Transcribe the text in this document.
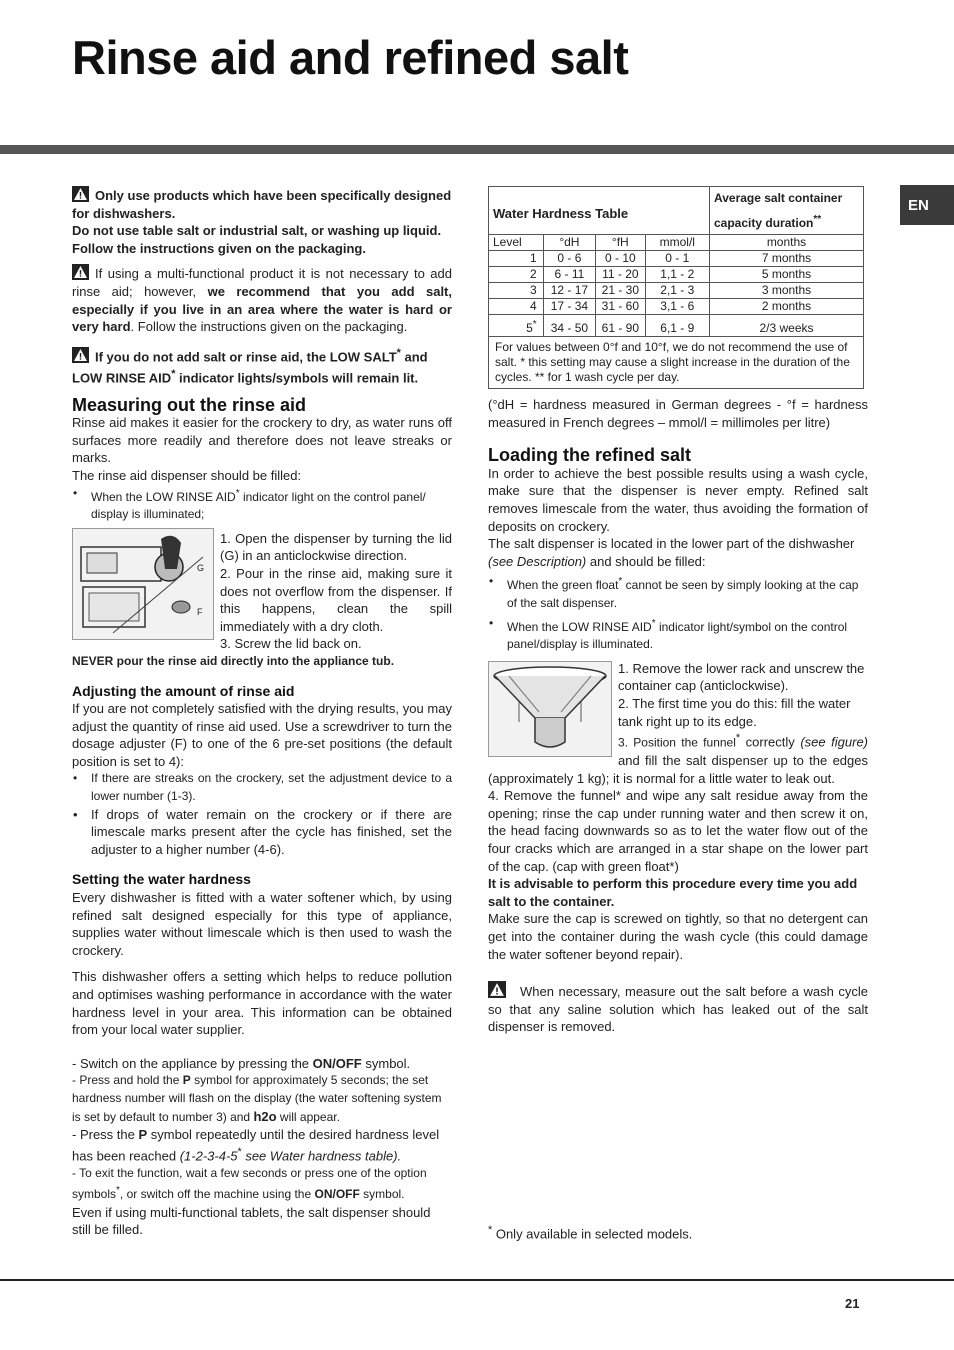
Rinse aid and refined salt
EN

Only use products which have been specifically designed for dishwashers.
Do not use table salt or industrial salt, or washing up liquid. Follow the instructions given on the packaging.

If using a multi-functional product it is not necessary to add rinse aid; however, we recommend that you add salt, especially if you live in an area where the water is hard or very hard. Follow the instructions given on the packaging.

If you do not add salt or rinse aid, the LOW SALT* and LOW RINSE AID* indicator lights/symbols will remain lit.

Measuring out the rinse aid

Rinse aid makes it easier for the crockery to dry, as water runs off surfaces more readily and therefore does not leave streaks or marks.

The rinse aid dispenser should be filled:

• When the LOW RINSE AID* indicator light on the control panel/ display is illuminated;

G
F

1. Open the dispenser by turning the lid (G) in an anticlockwise direction.

2. Pour in the rinse aid, making sure it does not overflow from the dispenser. If this happens, clean the spill immediately with a dry cloth.

3. Screw the lid back on.

NEVER pour the rinse aid directly into the appliance tub.

Adjusting the amount of rinse aid

If you are not completely satisfied with the drying results, you may adjust the quantity of rinse aid used. Use a screwdriver to turn the dosage adjuster (F) to one of the 6 pre-set positions (the default position is set to 4):

• If there are streaks on the crockery, set the adjustment device to a lower number (1-3).

• If drops of water remain on the crockery or if there are limescale marks present after the cycle has finished, set the adjuster to a higher number (4-6).

Setting the water hardness

Every dishwasher is fitted with a water softener which, by using refined salt designed especially for this type of appliance, supplies water without limescale which is then used to wash the crockery.

This dishwasher offers a setting which helps to reduce pollution and optimises washing performance in accordance with the water hardness level in your area. This information can be obtained from your local water supplier.

- Switch on the appliance by pressing the ON/OFF symbol.

- Press and hold the P symbol for approximately 5 seconds; the set hardness number will flash on the display (the water softening system is set by default to number 3) and h2o will appear.

- Press the P symbol repeatedly until the desired hardness level has been reached (1-2-3-4-5* see Water hardness table).

- To exit the function, wait a few seconds or press one of the option symbols*, or switch off the machine using the ON/OFF symbol.

Even if using multi-functional tablets, the salt dispenser should still be filled.

Water Hardness Table				Average salt container capacity duration**
Level	°dH	°fH	mmol/l	months
1	0 - 6	0 - 10	0 - 1	7 months
2	6 - 11	11 - 20	1,1 - 2	5 months
3	12 - 17	21 - 30	2,1 - 3	3 months
4	17 - 34	31 - 60	3,1 - 6	2 months
5*	34 - 50	61 - 90	6,1 - 9	2/3 weeks
For values between 0°f and 10°f, we do not recommend the use of salt. * this setting may cause a slight increase in the duration of the cycles. ** for 1 wash cycle per day.				

(°dH = hardness measured in German degrees - °f = hardness measured in French degrees – mmol/l = millimoles per litre)

Loading the refined salt

In order to achieve the best possible results using a wash cycle, make sure that the dispenser is never empty. Refined salt removes limescale from the water, thus avoiding the formation of deposits on crockery.

The salt dispenser is located in the lower part of the dishwasher (see Description) and should be filled:

• When the green float* cannot be seen by simply looking at the cap of the salt dispenser.

• When the LOW RINSE AID* indicator light/symbol on the control panel/display is illuminated.

1. Remove the lower rack and unscrew the container cap (anticlockwise).

2. The first time you do this: fill the water tank right up to its edge.

3. Position the funnel* correctly (see figure) and fill the salt dispenser up to the edges (approximately 1 kg); it is normal for a little water to leak out.

4. Remove the funnel* and wipe any salt residue away from the opening; rinse the cap under running water and then screw it on, the head facing downwards so as to let the water flow out of the four cracks which are arranged in a star shape on the lower part of the cap. (cap with green float*)

It is advisable to perform this procedure every time you add salt to the container.

Make sure the cap is screwed on tightly, so that no detergent can get into the container during the wash cycle (this could damage the water softener beyond repair).

When necessary, measure out the salt before a wash cycle so that any saline solution which has leaked out of the salt dispenser is removed.

* Only available in selected models.
21
